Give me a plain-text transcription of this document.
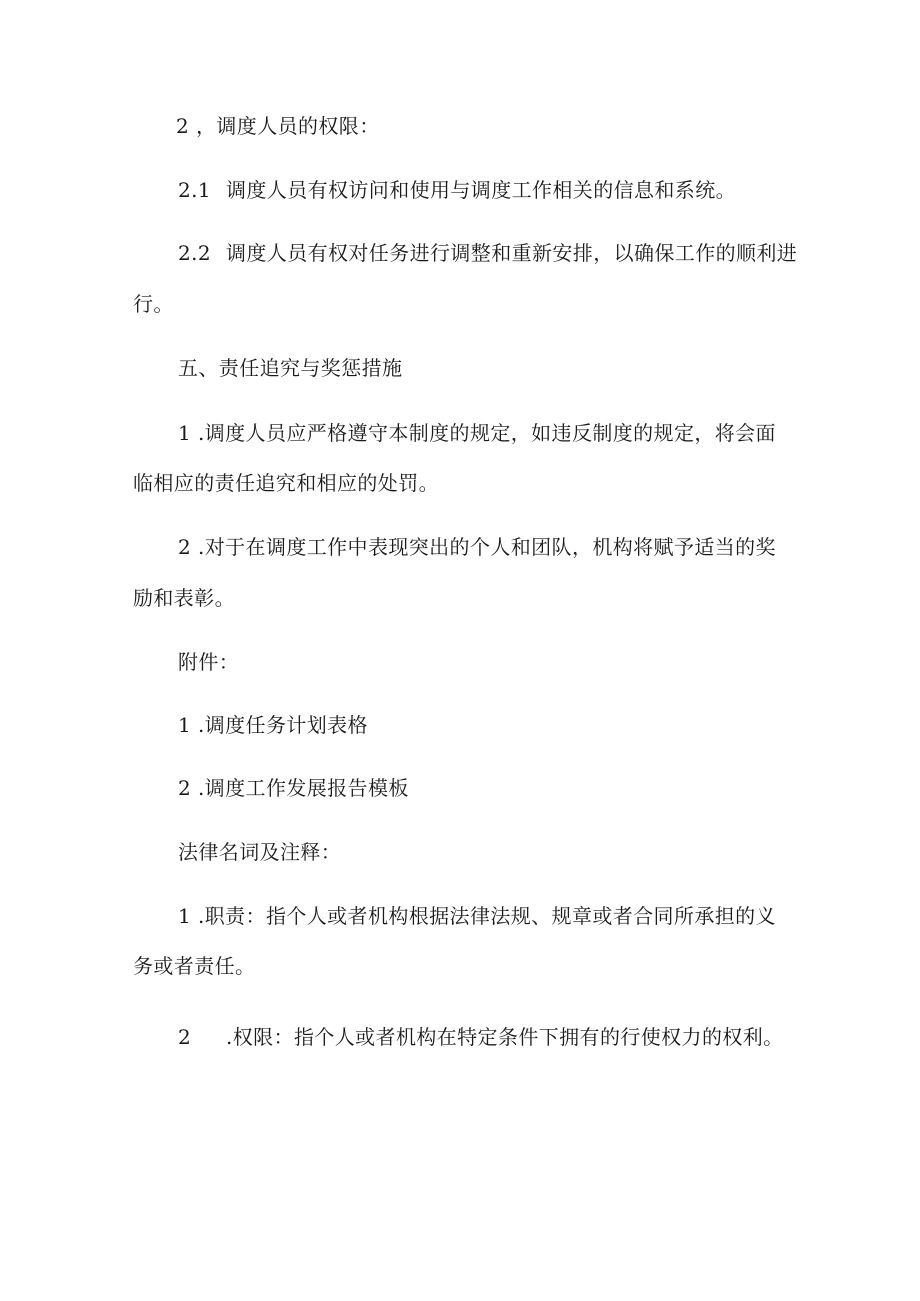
2 ，调度人员的权限：
2.1 调度人员有权访问和使用与调度工作相关的信息和系统。
2.2 调度人员有权对任务进行调整和重新安排，以确保工作的顺利进
行。
五、责任追究与奖惩措施
1 .调度人员应严格遵守本制度的规定，如违反制度的规定，将会面
临相应的责任追究和相应的处罚。
2 .对于在调度工作中表现突出的个人和团队，机构将赋予适当的奖
励和表彰。
附件：
1 .调度任务计划表格
2 .调度工作发展报告模板
法律名词及注释：
1 .职责：指个人或者机构根据法律法规、规章或者合同所承担的义
务或者责任。
2 .权限：指个人或者机构在特定条件下拥有的行使权力的权利。
